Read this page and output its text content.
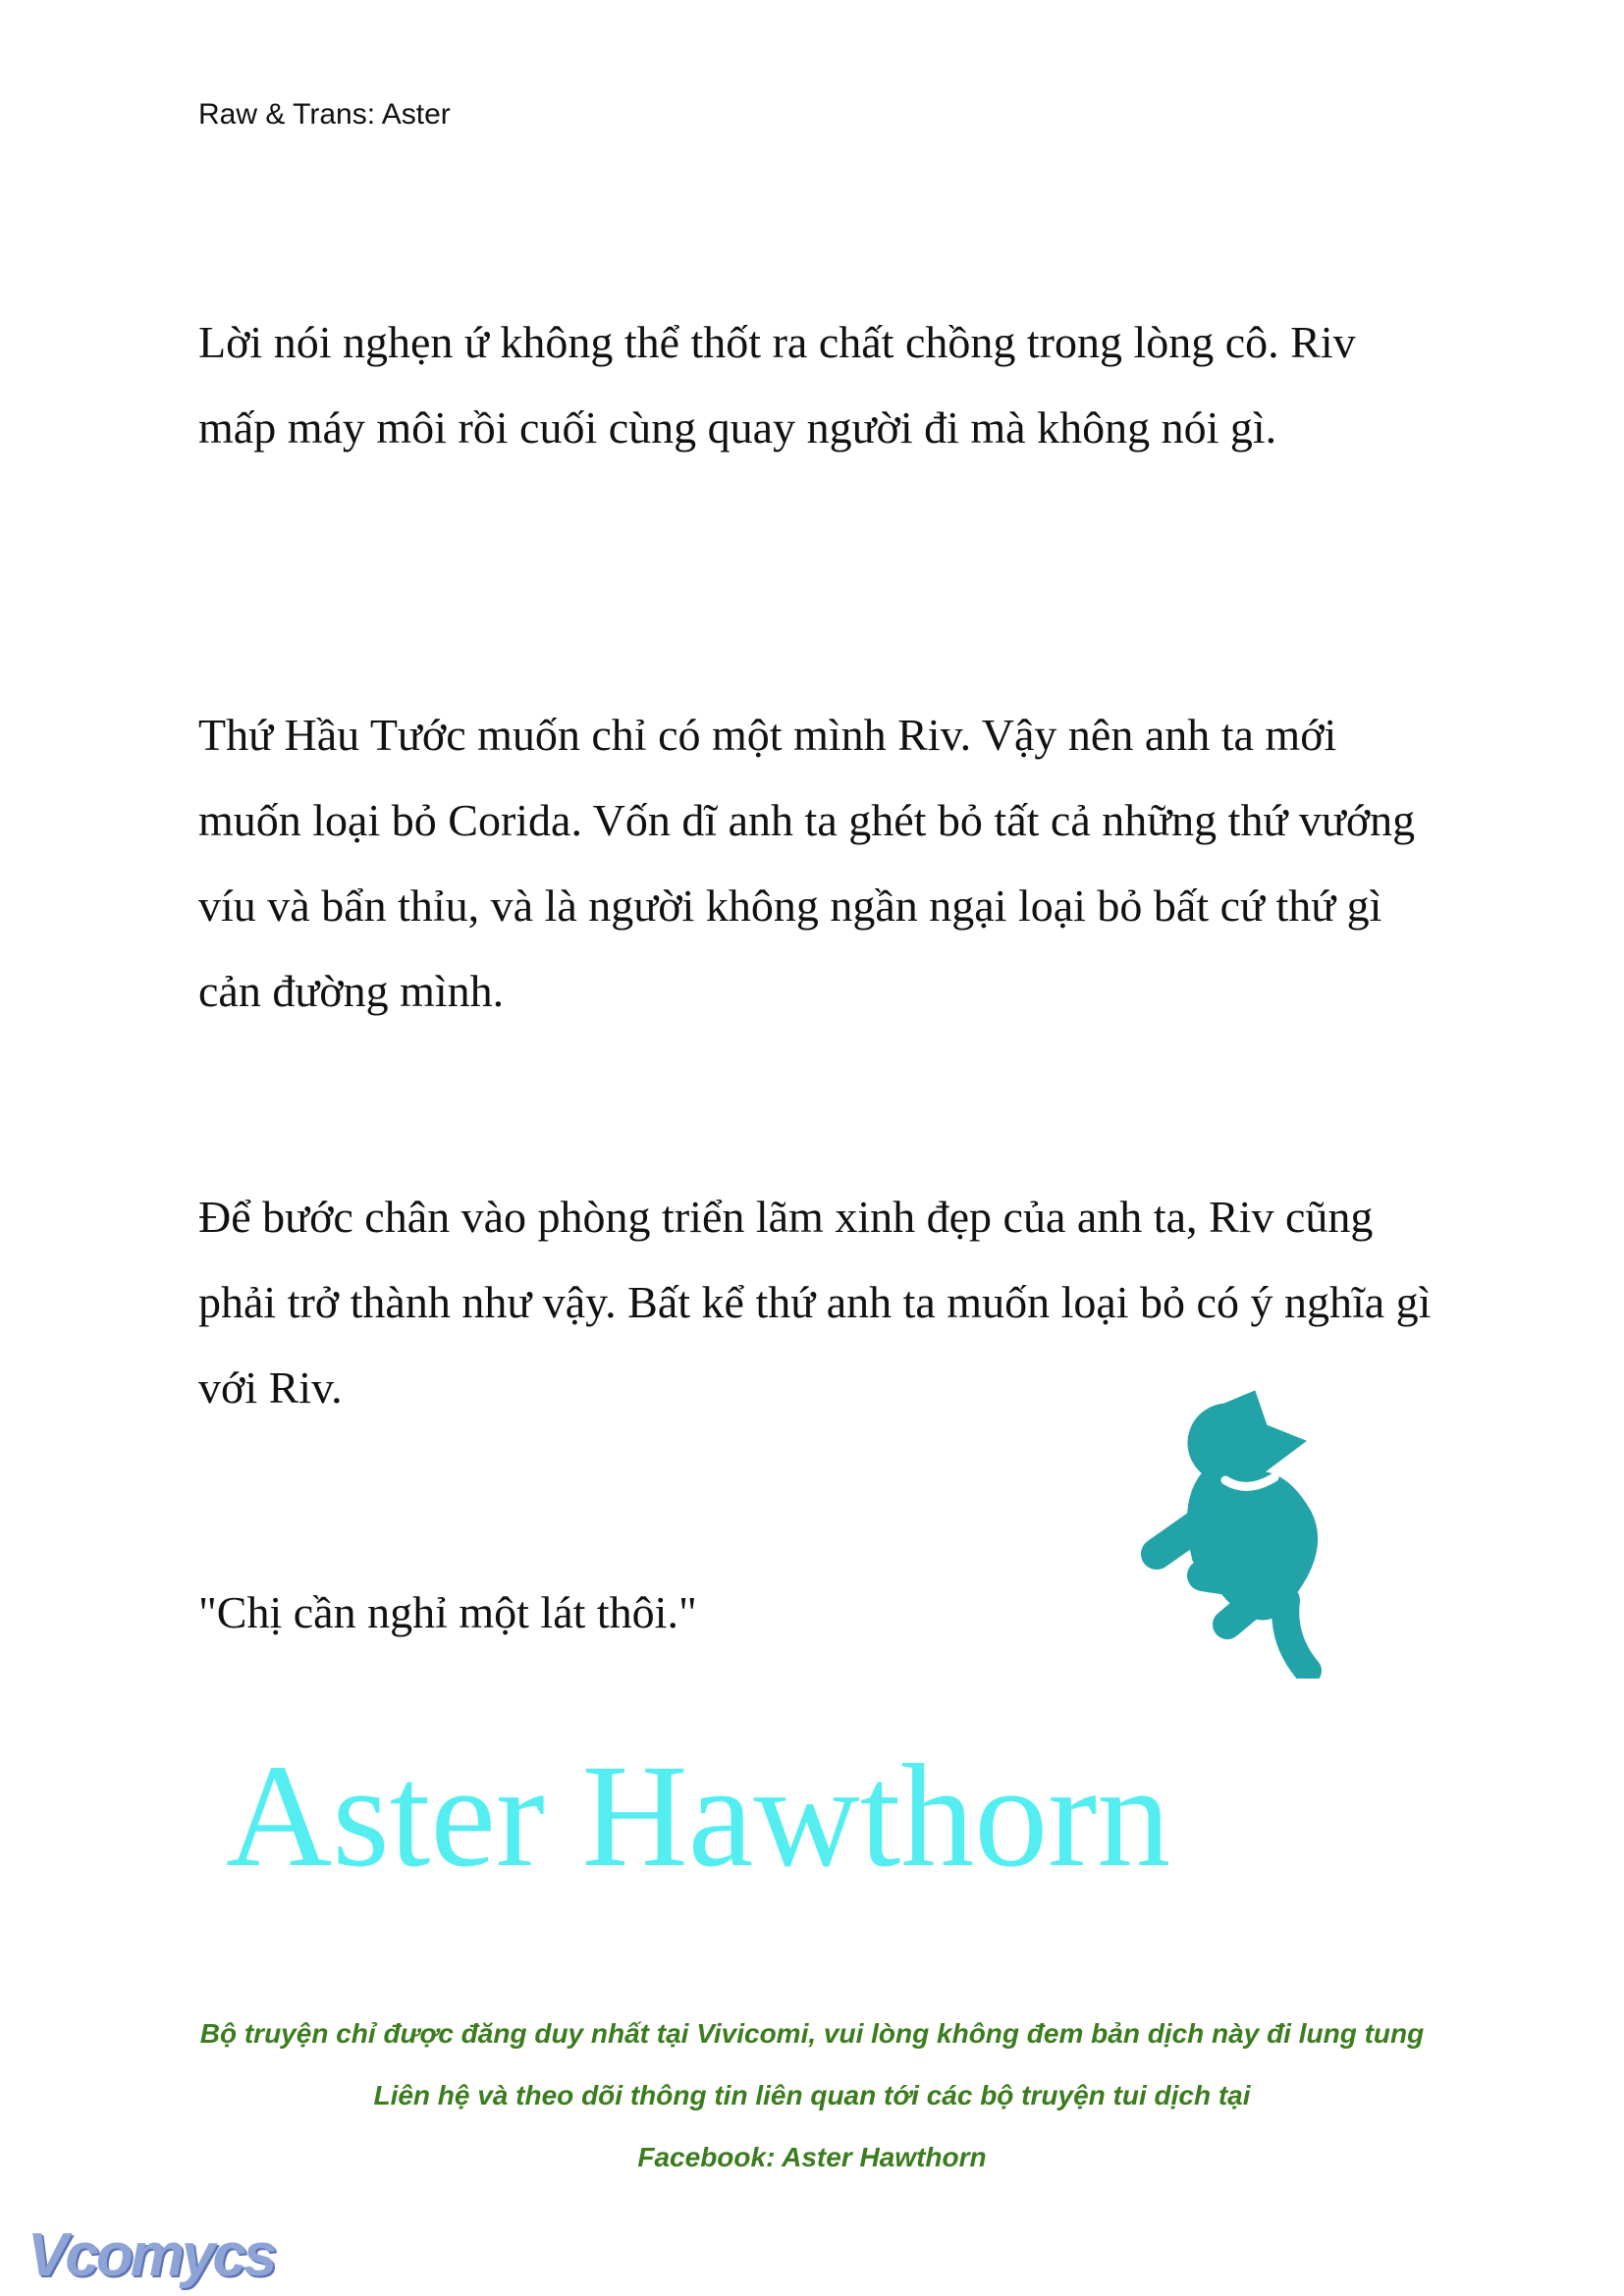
Raw & Trans: Aster
Lời nói nghẹn ứ không thể thốt ra chất chồng trong lòng cô. Riv mấp máy môi rồi cuối cùng quay người đi mà không nói gì.
Thứ Hầu Tước muốn chỉ có một mình Riv. Vậy nên anh ta mới muốn loại bỏ Corida. Vốn dĩ anh ta ghét bỏ tất cả những thứ vướng víu và bẩn thỉu, và là người không ngần ngại loại bỏ bất cứ thứ gì cản đường mình.
Để bước chân vào phòng triển lãm xinh đẹp của anh ta, Riv cũng phải trở thành như vậy. Bất kể thứ anh ta muốn loại bỏ có ý nghĩa gì với Riv.
"Chị cần nghỉ một lát thôi."
Aster Hawthorn
Bộ truyện chỉ được đăng duy nhất tại Vivicomi, vui lòng không đem bản dịch này đi lung tung
Liên hệ và theo dõi thông tin liên quan tới các bộ truyện tui dịch tại
Facebook: Aster Hawthorn
Vcomycs
